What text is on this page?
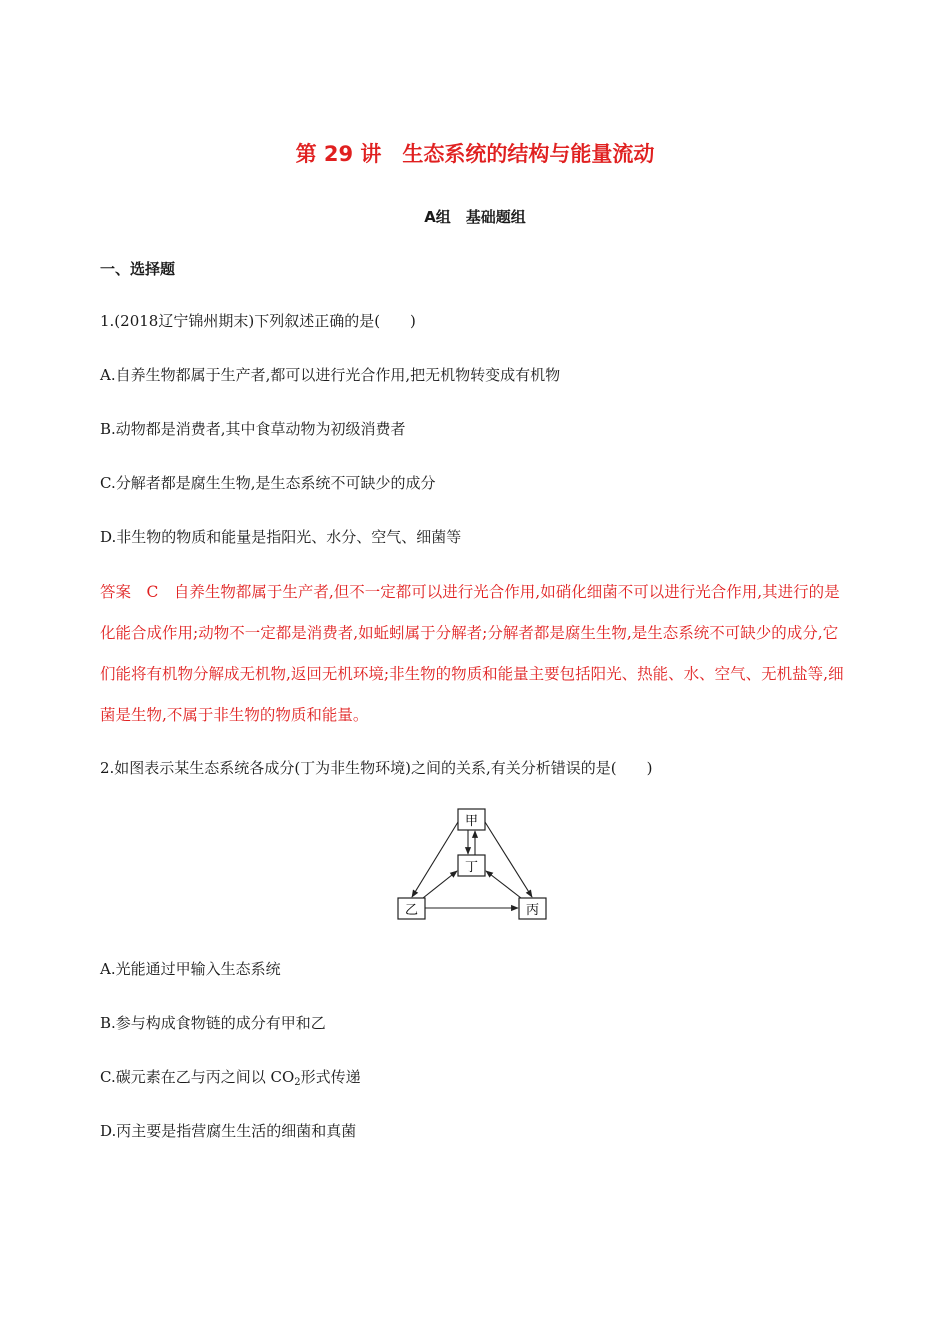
第 29 讲　生态系统的结构与能量流动
A组　基础题组
一、选择题
1.(2018辽宁锦州期末)下列叙述正确的是(　　)
A.自养生物都属于生产者,都可以进行光合作用,把无机物转变成有机物
B.动物都是消费者,其中食草动物为初级消费者
C.分解者都是腐生生物,是生态系统不可缺少的成分
D.非生物的物质和能量是指阳光、水分、空气、细菌等

答案　C　自养生物都属于生产者,但不一定都可以进行光合作用,如硝化细菌不可以进行光合作用,其进行的是化能合成作用;动物不一定都是消费者,如蚯蚓属于分解者;分解者都是腐生生物,是生态系统不可缺少的成分,它们能将有机物分解成无机物,返回无机环境;非生物的物质和能量主要包括阳光、热能、水、空气、无机盐等,细菌是生物,不属于非生物的物质和能量。

2.如图表示某生态系统各成分(丁为非生物环境)之间的关系,有关分析错误的是(　　)
甲
丁
乙	丙
A.光能通过甲输入生态系统
B.参与构成食物链的成分有甲和乙
C.碳元素在乙与丙之间以 $CO_2$形式传递
D.丙主要是指营腐生生活的细菌和真菌
